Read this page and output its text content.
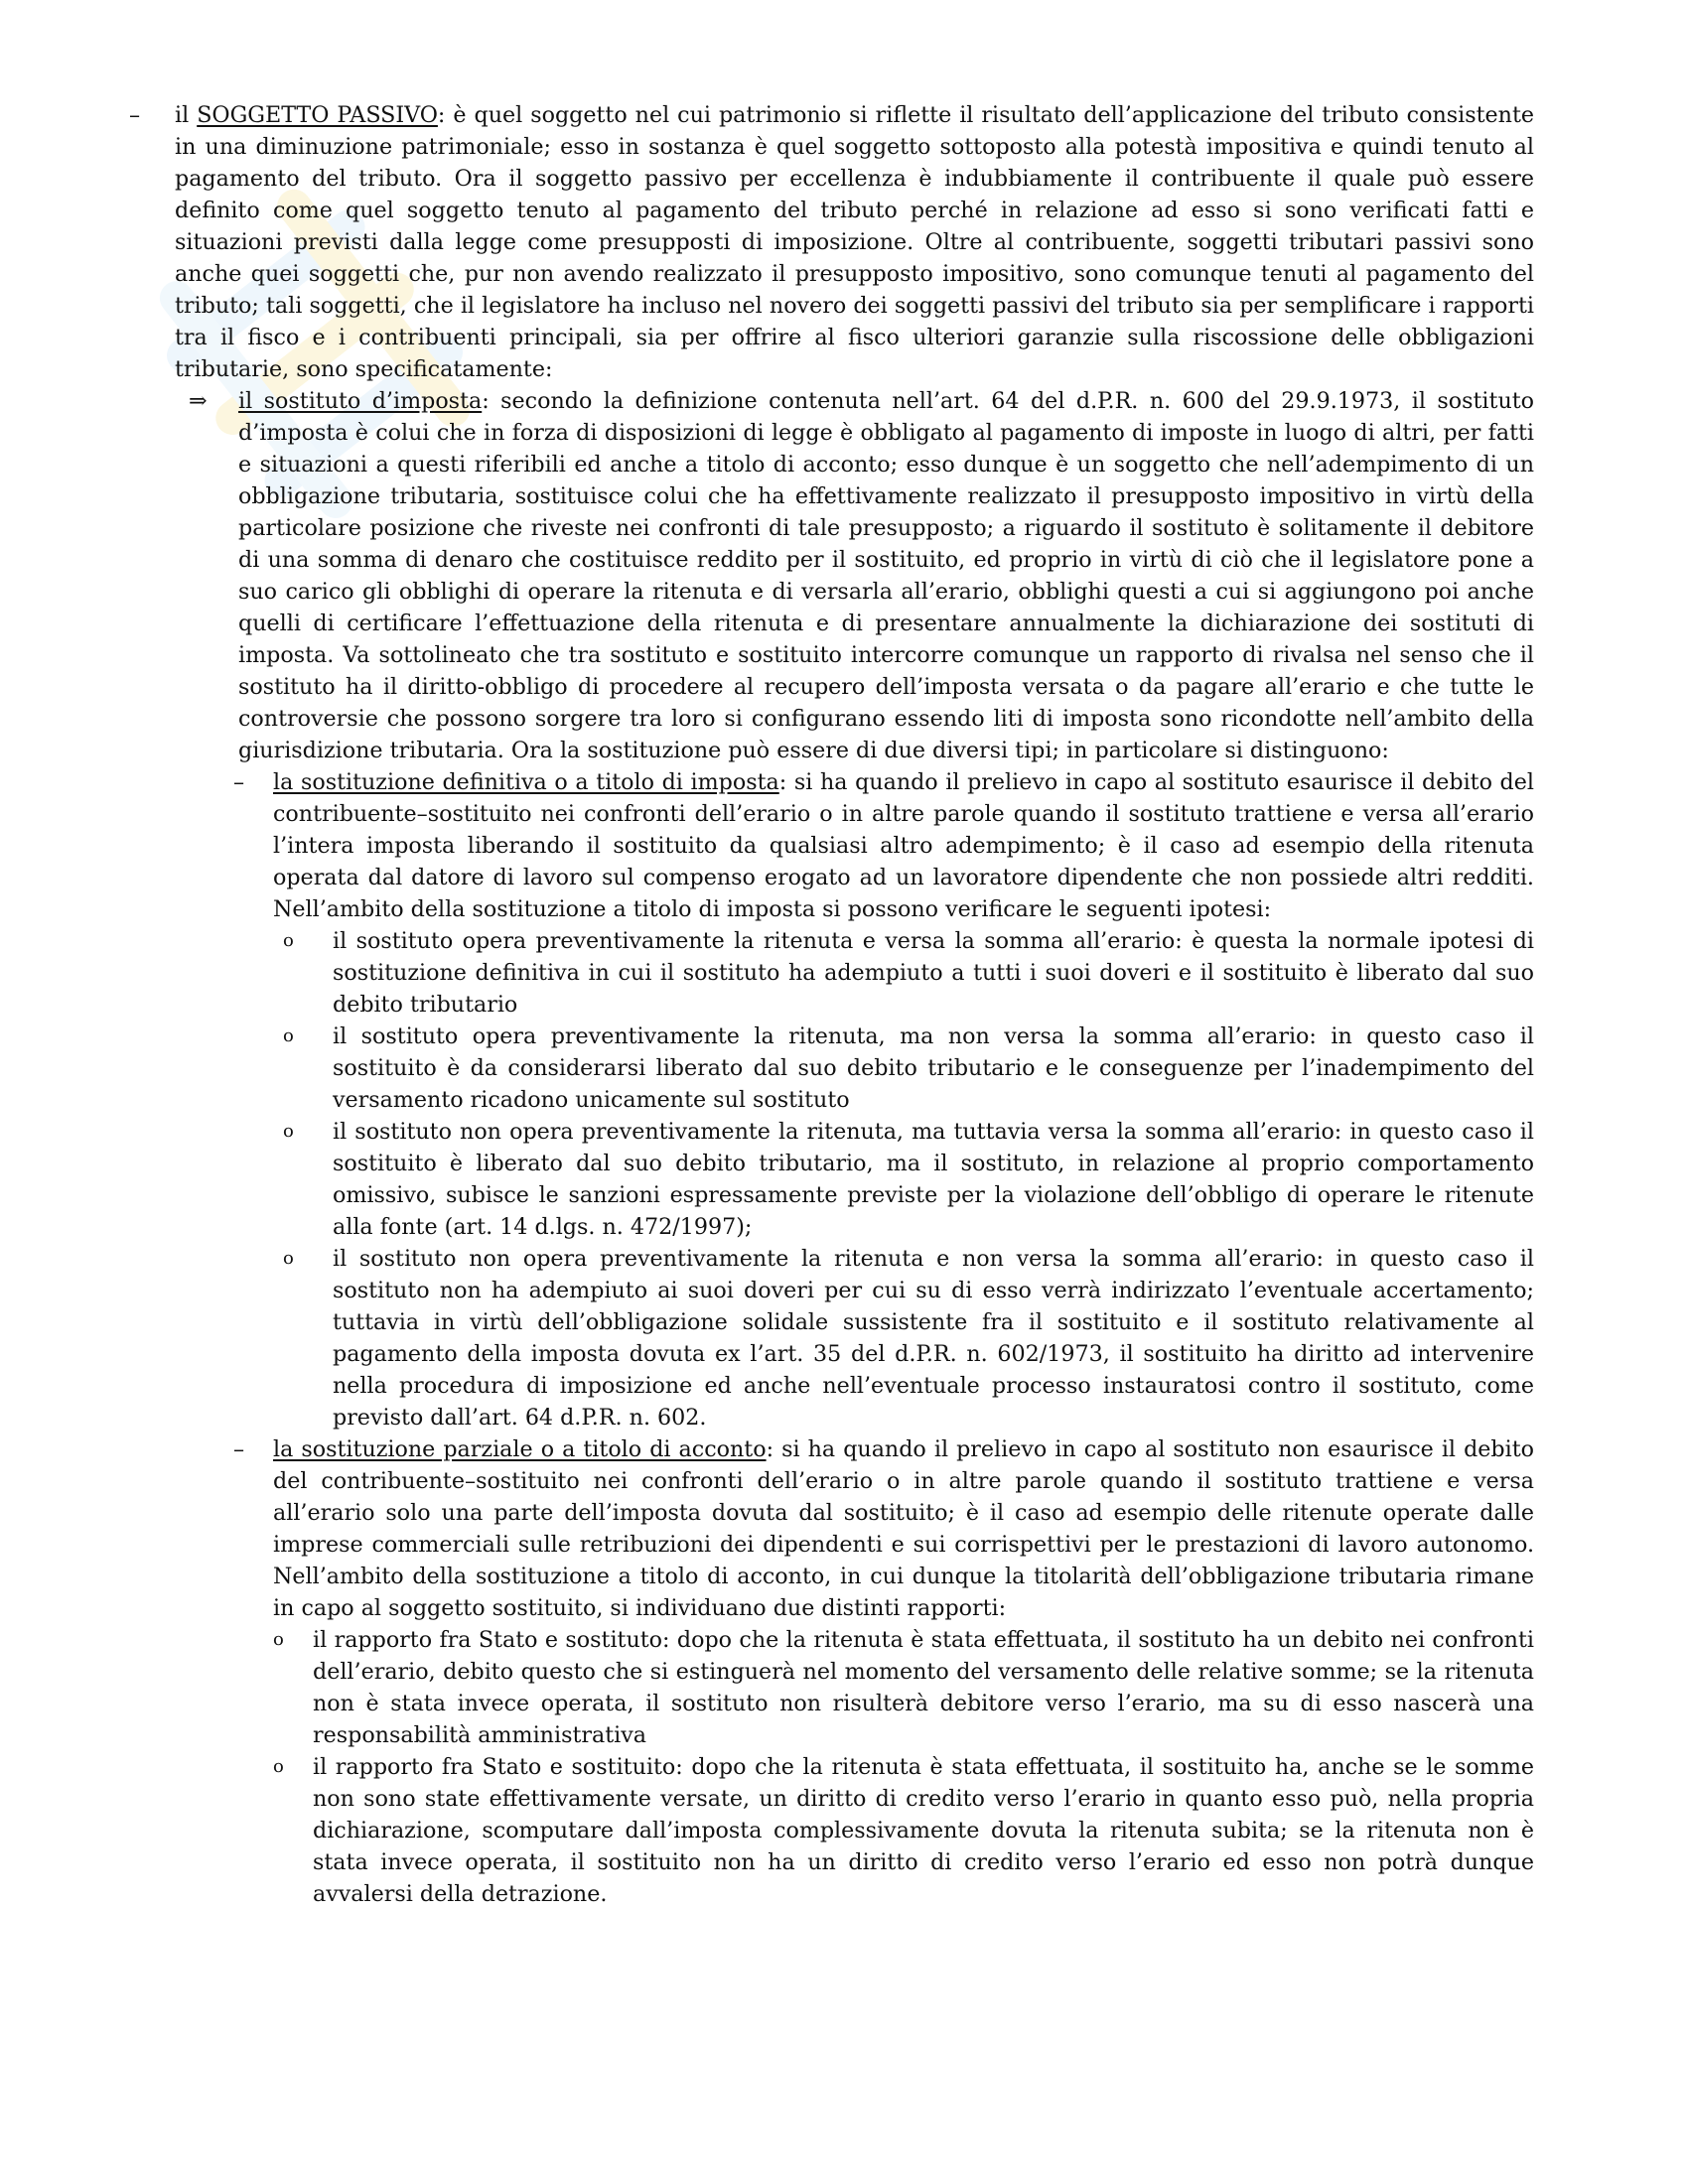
– il SOGGETTO PASSIVO: è quel soggetto nel cui patrimonio si riflette il risultato dell’applicazione del tributo consistente in una diminuzione patrimoniale; esso in sostanza è quel soggetto sottoposto alla potestà impositiva e quindi tenuto al pagamento del tributo. Ora il soggetto passivo per eccellenza è indubbiamente il contribuente il quale può essere definito come quel soggetto tenuto al pagamento del tributo perché in relazione ad esso si sono verificati fatti e situazioni previsti dalla legge come presupposti di imposizione. Oltre al contribuente, soggetti tributari passivi sono anche quei soggetti che, pur non avendo realizzato il presupposto impositivo, sono comunque tenuti al pagamento del tributo; tali soggetti, che il legislatore ha incluso nel novero dei soggetti passivi del tributo sia per semplificare i rapporti tra il fisco e i contribuenti principali, sia per offrire al fisco ulteriori garanzie sulla riscossione delle obbligazioni tributarie, sono specificatamente:

⇒ il sostituto d’imposta: secondo la definizione contenuta nell’art. 64 del d.P.R. n. 600 del 29.9.1973, il sostituto d’imposta è colui che in forza di disposizioni di legge è obbligato al pagamento di imposte in luogo di altri, per fatti e situazioni a questi riferibili ed anche a titolo di acconto; esso dunque è un soggetto che nell’adempimento di un obbligazione tributaria, sostituisce colui che ha effettivamente realizzato il presupposto impositivo in virtù della particolare posizione che riveste nei confronti di tale presupposto; a riguardo il sostituto è solitamente il debitore di una somma di denaro che costituisce reddito per il sostituito, ed proprio in virtù di ciò che il legislatore pone a suo carico gli obblighi di operare la ritenuta e di versarla all’erario, obblighi questi a cui si aggiungono poi anche quelli di certificare l’effettuazione della ritenuta e di presentare annualmente la dichiarazione dei sostituti di imposta. Va sottolineato che tra sostituto e sostituito intercorre comunque un rapporto di rivalsa nel senso che il sostituto ha il diritto-obbligo di procedere al recupero dell’imposta versata o da pagare all’erario e che tutte le controversie che possono sorgere tra loro si configurano essendo liti di imposta sono ricondotte nell’ambito della giurisdizione tributaria. Ora la sostituzione può essere di due diversi tipi; in particolare si distinguono:

– la sostituzione definitiva o a titolo di imposta: si ha quando il prelievo in capo al sostituto esaurisce il debito del contribuente–sostituito nei confronti dell’erario o in altre parole quando il sostituto trattiene e versa all’erario l’intera imposta liberando il sostituito da qualsiasi altro adempimento; è il caso ad esempio della ritenuta operata dal datore di lavoro sul compenso erogato ad un lavoratore dipendente che non possiede altri redditi. Nell’ambito della sostituzione a titolo di imposta si possono verificare le seguenti ipotesi:

o il sostituto opera preventivamente la ritenuta e versa la somma all’erario: è questa la normale ipotesi di sostituzione definitiva in cui il sostituto ha adempiuto a tutti i suoi doveri e il sostituito è liberato dal suo debito tributario

o il sostituto opera preventivamente la ritenuta, ma non versa la somma all’erario: in questo caso il sostituito è da considerarsi liberato dal suo debito tributario e le conseguenze per l’inadempimento del versamento ricadono unicamente sul sostituto

o il sostituto non opera preventivamente la ritenuta, ma tuttavia versa la somma all’erario: in questo caso il sostituito è liberato dal suo debito tributario, ma il sostituto, in relazione al proprio comportamento omissivo, subisce le sanzioni espressamente previste per la violazione dell’obbligo di operare le ritenute alla fonte (art. 14 d.lgs. n. 472/1997);

o il sostituto non opera preventivamente la ritenuta e non versa la somma all’erario: in questo caso il sostituto non ha adempiuto ai suoi doveri per cui su di esso verrà indirizzato l’eventuale accertamento; tuttavia in virtù dell’obbligazione solidale sussistente fra il sostituito e il sostituto relativamente al pagamento della imposta dovuta ex l’art. 35 del d.P.R. n. 602/1973, il sostituito ha diritto ad intervenire nella procedura di imposizione ed anche nell’eventuale processo instauratosi contro il sostituto, come previsto dall’art. 64 d.P.R. n. 602.

– la sostituzione parziale o a titolo di acconto: si ha quando il prelievo in capo al sostituto non esaurisce il debito del contribuente–sostituito nei confronti dell’erario o in altre parole quando il sostituto trattiene e versa all’erario solo una parte dell’imposta dovuta dal sostituito; è il caso ad esempio delle ritenute operate dalle imprese commerciali sulle retribuzioni dei dipendenti e sui corrispettivi per le prestazioni di lavoro autonomo. Nell’ambito della sostituzione a titolo di acconto, in cui dunque la titolarità dell’obbligazione tributaria rimane in capo al soggetto sostituito, si individuano due distinti rapporti:

o il rapporto fra Stato e sostituto: dopo che la ritenuta è stata effettuata, il sostituto ha un debito nei confronti dell’erario, debito questo che si estinguerà nel momento del versamento delle relative somme; se la ritenuta non è stata invece operata, il sostituto non risulterà debitore verso l’erario, ma su di esso nascerà una responsabilità amministrativa

o il rapporto fra Stato e sostituito: dopo che la ritenuta è stata effettuata, il sostituito ha, anche se le somme non sono state effettivamente versate, un diritto di credito verso l’erario in quanto esso può, nella propria dichiarazione, scomputare dall’imposta complessivamente dovuta la ritenuta subita; se la ritenuta non è stata invece operata, il sostituito non ha un diritto di credito verso l’erario ed esso non potrà dunque avvalersi della detrazione.
